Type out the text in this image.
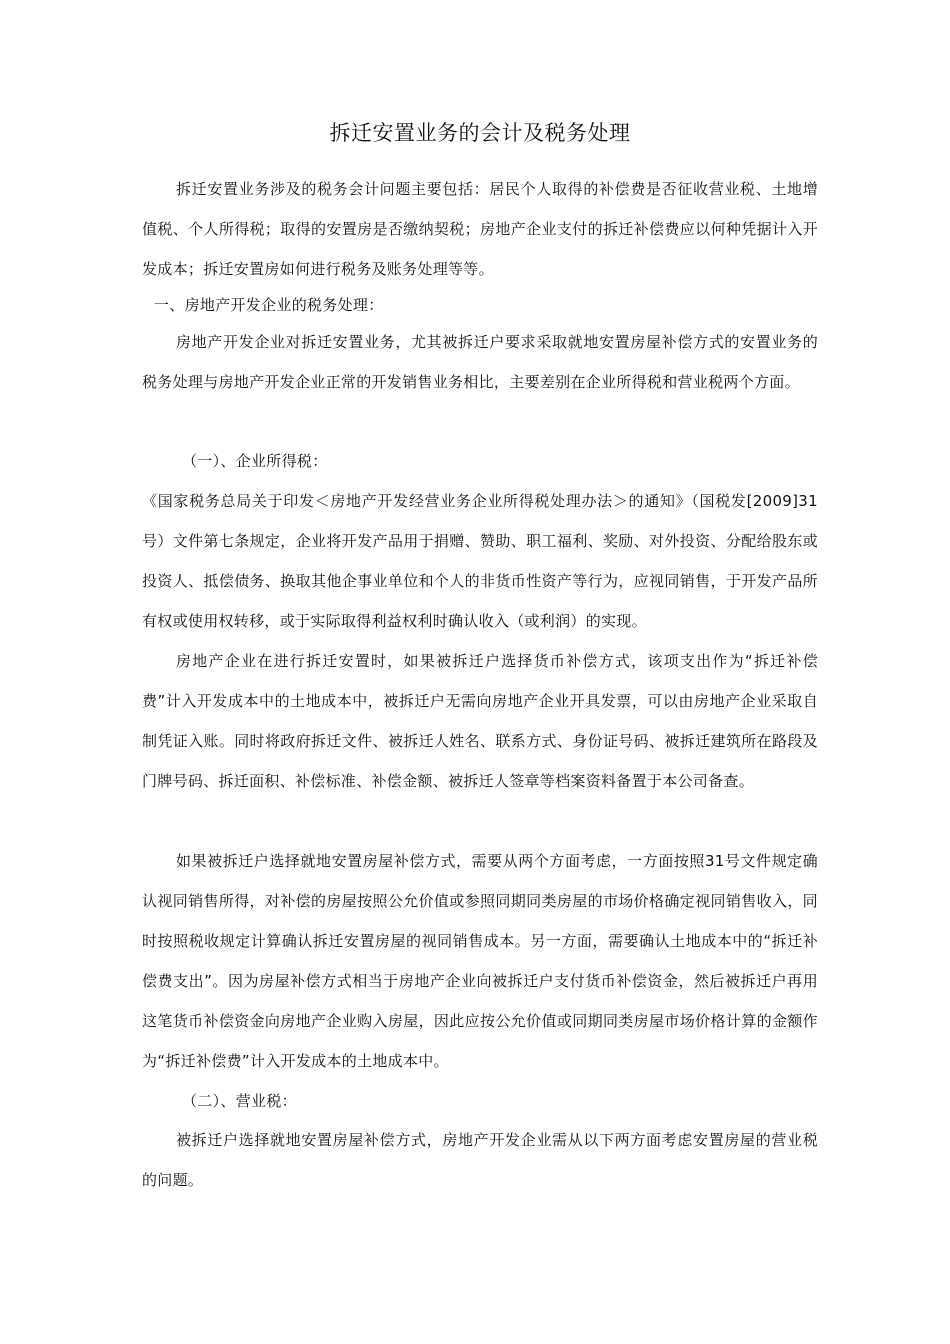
拆迁安置业务的会计及税务处理

拆迁安置业务涉及的税务会计问题主要包括：居民个人取得的补偿费是否征收营业税、土地增值税、个人所得税；取得的安置房是否缴纳契税；房地产企业支付的拆迁补偿费应以何种凭据计入开发成本；拆迁安置房如何进行税务及账务处理等等。

一、房地产开发企业的税务处理：

房地产开发企业对拆迁安置业务，尤其被拆迁户要求采取就地安置房屋补偿方式的安置业务的税务处理与房地产开发企业正常的开发销售业务相比，主要差别在企业所得税和营业税两个方面。

（一）、企业所得税：

《国家税务总局关于印发＜房地产开发经营业务企业所得税处理办法＞的通知》（国税发[2009]31号）文件第七条规定，企业将开发产品用于捐赠、赞助、职工福利、奖励、对外投资、分配给股东或投资人、抵偿债务、换取其他企事业单位和个人的非货币性资产等行为，应视同销售，于开发产品所有权或使用权转移，或于实际取得利益权利时确认收入（或利润）的实现。

房地产企业在进行拆迁安置时，如果被拆迁户选择货币补偿方式，该项支出作为“拆迁补偿费”计入开发成本中的土地成本中，被拆迁户无需向房地产企业开具发票，可以由房地产企业采取自制凭证入账。同时将政府拆迁文件、被拆迁人姓名、联系方式、身份证号码、被拆迁建筑所在路段及门牌号码、拆迁面积、补偿标准、补偿金额、被拆迁人签章等档案资料备置于本公司备查。

如果被拆迁户选择就地安置房屋补偿方式，需要从两个方面考虑，一方面按照31号文件规定确认视同销售所得，对补偿的房屋按照公允价值或参照同期同类房屋的市场价格确定视同销售收入，同时按照税收规定计算确认拆迁安置房屋的视同销售成本。另一方面，需要确认土地成本中的“拆迁补偿费支出”。因为房屋补偿方式相当于房地产企业向被拆迁户支付货币补偿资金，然后被拆迁户再用这笔货币补偿资金向房地产企业购入房屋，因此应按公允价值或同期同类房屋市场价格计算的金额作为“拆迁补偿费”计入开发成本的土地成本中。

（二）、营业税：

被拆迁户选择就地安置房屋补偿方式，房地产开发企业需从以下两方面考虑安置房屋的营业税的问题。
